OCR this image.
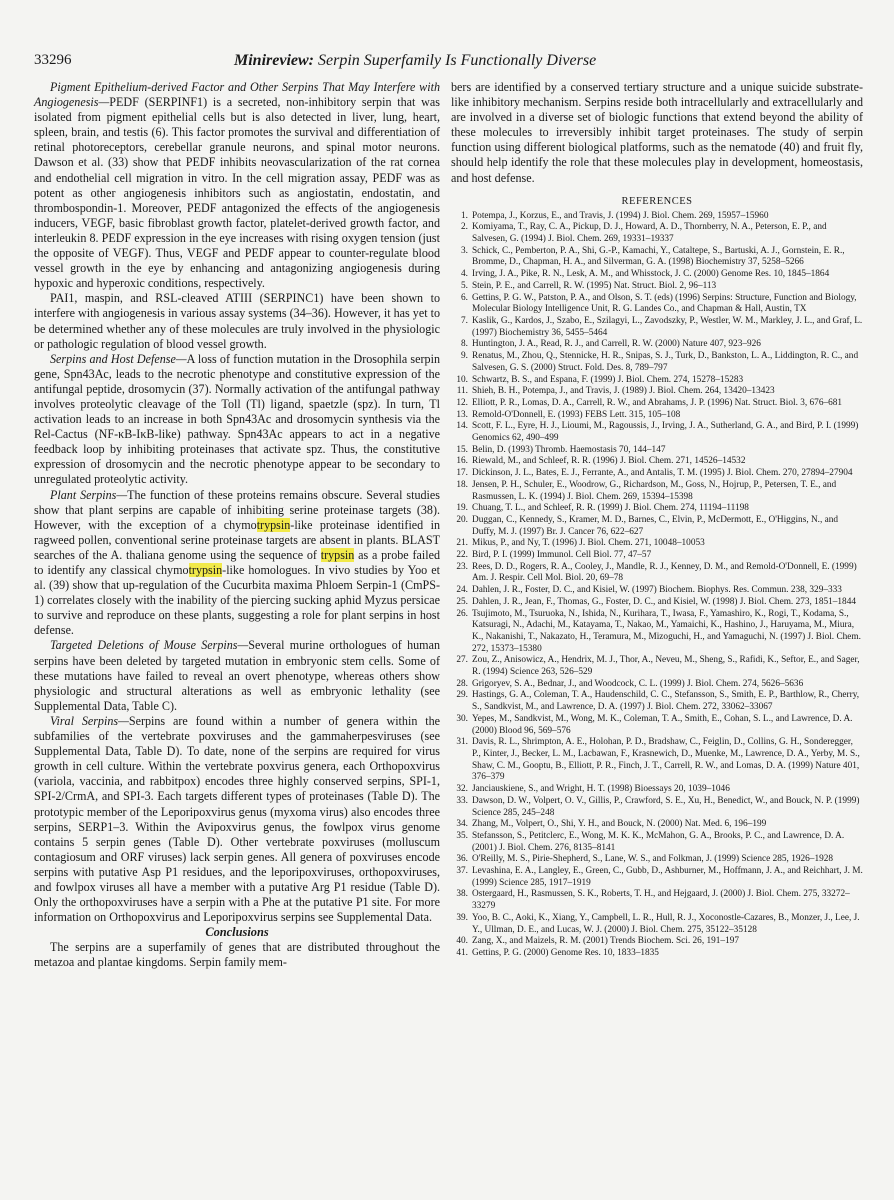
33296	Minireview: Serpin Superfamily Is Functionally Diverse

Pigment Epithelium-derived Factor and Other Serpins That May Interfere with Angiogenesis—PEDF (SERPINF1) is a secreted, non-inhibitory serpin that was isolated from pigment epithelial cells but is also detected in liver, lung, heart, spleen, brain, and testis (6). This factor promotes the survival and differentiation of retinal photoreceptors, cerebellar granule neurons, and spinal motor neurons. Dawson et al. (33) show that PEDF inhibits neovascularization of the rat cornea and endothelial cell migration in vitro. In the cell migration assay, PEDF was as potent as other angiogenesis inhibitors such as angiostatin, endostatin, and thrombospondin-1. Moreover, PEDF antagonized the effects of the angiogenesis inducers, VEGF, basic fibroblast growth factor, platelet-derived growth factor, and interleukin 8. PEDF expression in the eye increases with rising oxygen tension (just the opposite of VEGF). Thus, VEGF and PEDF appear to counter-regulate blood vessel growth in the eye by enhancing and antagonizing angiogenesis during hypoxic and hyperoxic conditions, respectively.

PAI1, maspin, and RSL-cleaved ATIII (SERPINC1) have been shown to interfere with angiogenesis in various assay systems (34–36). However, it has yet to be determined whether any of these molecules are truly involved in the physiologic or pathologic regulation of blood vessel growth.

Serpins and Host Defense—A loss of function mutation in the Drosophila serpin gene, Spn43Ac, leads to the necrotic phenotype and constitutive expression of the antifungal peptide, drosomycin (37). Normally activation of the antifungal pathway involves proteolytic cleavage of the Toll (Tl) ligand, spaetzle (spz). In turn, Tl activation leads to an increase in both Spn43Ac and drosomycin synthesis via the Rel-Cactus (NF-κB-IκB-like) pathway. Spn43Ac appears to act in a negative feedback loop by inhibiting proteinases that activate spz. Thus, the constitutive expression of drosomycin and the necrotic phenotype appear to be secondary to unregulated proteolytic activity.

Plant Serpins—The function of these proteins remains obscure. Several studies show that plant serpins are capable of inhibiting serine proteinase targets (38). However, with the exception of a chymotrypsin-like proteinase identified in ragweed pollen, conventional serine proteinase targets are absent in plants. BLAST searches of the A. thaliana genome using the sequence of trypsin as a probe failed to identify any classical chymotrypsin-like homologues. In vivo studies by Yoo et al. (39) show that up-regulation of the Cucurbita maxima Phloem Serpin-1 (CmPS-1) correlates closely with the inability of the piercing sucking aphid Myzus persicae to survive and reproduce on these plants, suggesting a role for plant serpins in host defense.

Targeted Deletions of Mouse Serpins—Several murine orthologues of human serpins have been deleted by targeted mutation in embryonic stem cells. Some of these mutations have failed to reveal an overt phenotype, whereas others show physiologic and structural alterations as well as embryonic lethality (see Supplemental Data, Table C).

Viral Serpins—Serpins are found within a number of genera within the subfamilies of the vertebrate poxviruses and the gammaherpesviruses (see Supplemental Data, Table D). To date, none of the serpins are required for virus growth in cell culture. Within the vertebrate poxvirus genera, each Orthopoxvirus (variola, vaccinia, and rabbitpox) encodes three highly conserved serpins, SPI-1, SPI-2/CrmA, and SPI-3. Each targets different types of proteinases (Table D). The prototypic member of the Leporipoxvirus genus (myxoma virus) also encodes three serpins, SERP1–3. Within the Avipoxvirus genus, the fowlpox virus genome contains 5 serpin genes (Table D). Other vertebrate poxviruses (molluscum contagiosum and ORF viruses) lack serpin genes. All genera of poxviruses encode serpins with putative Asp P1 residues, and the leporipoxviruses, orthopoxviruses, and fowlpox viruses all have a member with a putative Arg P1 residue (Table D). Only the orthopoxviruses have a serpin with a Phe at the putative P1 site. For more information on Orthopoxvirus and Leporipoxvirus serpins see Supplemental Data.

Conclusions

The serpins are a superfamily of genes that are distributed throughout the metazoa and plantae kingdoms. Serpin family mem-

bers are identified by a conserved tertiary structure and a unique suicide substrate-like inhibitory mechanism. Serpins reside both intracellularly and extracellularly and are involved in a diverse set of biologic functions that extend beyond the ability of these molecules to irreversibly inhibit target proteinases. The study of serpin function using different biological platforms, such as the nematode (40) and fruit fly, should help identify the role that these molecules play in development, homeostasis, and host defense.

REFERENCES
1. Potempa, J., Korzus, E., and Travis, J. (1994) J. Biol. Chem. 269, 15957–15960
2. Komiyama, T., Ray, C. A., Pickup, D. J., Howard, A. D., Thornberry, N. A., Peterson, E. P., and Salvesen, G. (1994) J. Biol. Chem. 269, 19331–19337
3. Schick, C., Pemberton, P. A., Shi, G.-P., Kamachi, Y., Cataltepe, S., Bartuski, A. J., Gornstein, E. R., Bromme, D., Chapman, H. A., and Silverman, G. A. (1998) Biochemistry 37, 5258–5266
4. Irving, J. A., Pike, R. N., Lesk, A. M., and Whisstock, J. C. (2000) Genome Res. 10, 1845–1864
5. Stein, P. E., and Carrell, R. W. (1995) Nat. Struct. Biol. 2, 96–113
6. Gettins, P. G. W., Patston, P. A., and Olson, S. T. (eds) (1996) Serpins: Structure, Function and Biology, Molecular Biology Intelligence Unit, R. G. Landes Co., and Chapman & Hall, Austin, TX
7. Kaslik, G., Kardos, J., Szabo, E., Szilagyi, L., Zavodszky, P., Westler, W. M., Markley, J. L., and Graf, L. (1997) Biochemistry 36, 5455–5464
8. Huntington, J. A., Read, R. J., and Carrell, R. W. (2000) Nature 407, 923–926
9. Renatus, M., Zhou, Q., Stennicke, H. R., Snipas, S. J., Turk, D., Bankston, L. A., Liddington, R. C., and Salvesen, G. S. (2000) Struct. Fold. Des. 8, 789–797
10. Schwartz, B. S., and Espana, F. (1999) J. Biol. Chem. 274, 15278–15283
11. Shieh, B. H., Potempa, J., and Travis, J. (1989) J. Biol. Chem. 264, 13420–13423
12. Elliott, P. R., Lomas, D. A., Carrell, R. W., and Abrahams, J. P. (1996) Nat. Struct. Biol. 3, 676–681
13. Remold-O'Donnell, E. (1993) FEBS Lett. 315, 105–108
14. Scott, F. L., Eyre, H. J., Lioumi, M., Ragoussis, J., Irving, J. A., Sutherland, G. A., and Bird, P. I. (1999) Genomics 62, 490–499
15. Belin, D. (1993) Thromb. Haemostasis 70, 144–147
16. Riewald, M., and Schleef, R. R. (1996) J. Biol. Chem. 271, 14526–14532
17. Dickinson, J. L., Bates, E. J., Ferrante, A., and Antalis, T. M. (1995) J. Biol. Chem. 270, 27894–27904
18. Jensen, P. H., Schuler, E., Woodrow, G., Richardson, M., Goss, N., Hojrup, P., Petersen, T. E., and Rasmussen, L. K. (1994) J. Biol. Chem. 269, 15394–15398
19. Chuang, T. L., and Schleef, R. R. (1999) J. Biol. Chem. 274, 11194–11198
20. Duggan, C., Kennedy, S., Kramer, M. D., Barnes, C., Elvin, P., McDermott, E., O'Higgins, N., and Duffy, M. J. (1997) Br. J. Cancer 76, 622–627
21. Mikus, P., and Ny, T. (1996) J. Biol. Chem. 271, 10048–10053
22. Bird, P. I. (1999) Immunol. Cell Biol. 77, 47–57
23. Rees, D. D., Rogers, R. A., Cooley, J., Mandle, R. J., Kenney, D. M., and Remold-O'Donnell, E. (1999) Am. J. Respir. Cell Mol. Biol. 20, 69–78
24. Dahlen, J. R., Foster, D. C., and Kisiel, W. (1997) Biochem. Biophys. Res. Commun. 238, 329–333
25. Dahlen, J. R., Jean, F., Thomas, G., Foster, D. C., and Kisiel, W. (1998) J. Biol. Chem. 273, 1851–1844
26. Tsujimoto, M., Tsuruoka, N., Ishida, N., Kurihara, T., Iwasa, F., Yamashiro, K., Rogi, T., Kodama, S., Katsuragi, N., Adachi, M., Katayama, T., Nakao, M., Yamaichi, K., Hashino, J., Haruyama, M., Miura, K., Nakanishi, T., Nakazato, H., Teramura, M., Mizoguchi, H., and Yamaguchi, N. (1997) J. Biol. Chem. 272, 15373–15380
27. Zou, Z., Anisowicz, A., Hendrix, M. J., Thor, A., Neveu, M., Sheng, S., Rafidi, K., Seftor, E., and Sager, R. (1994) Science 263, 526–529
28. Grigoryev, S. A., Bednar, J., and Woodcock, C. L. (1999) J. Biol. Chem. 274, 5626–5636
29. Hastings, G. A., Coleman, T. A., Haudenschild, C. C., Stefansson, S., Smith, E. P., Barthlow, R., Cherry, S., Sandkvist, M., and Lawrence, D. A. (1997) J. Biol. Chem. 272, 33062–33067
30. Yepes, M., Sandkvist, M., Wong, M. K., Coleman, T. A., Smith, E., Cohan, S. L., and Lawrence, D. A. (2000) Blood 96, 569–576
31. Davis, R. L., Shrimpton, A. E., Holohan, P. D., Bradshaw, C., Feiglin, D., Collins, G. H., Sonderegger, P., Kinter, J., Becker, L. M., Lacbawan, F., Krasnewich, D., Muenke, M., Lawrence, D. A., Yerby, M. S., Shaw, C. M., Gooptu, B., Elliott, P. R., Finch, J. T., Carrell, R. W., and Lomas, D. A. (1999) Nature 401, 376–379
32. Janciauskiene, S., and Wright, H. T. (1998) Bioessays 20, 1039–1046
33. Dawson, D. W., Volpert, O. V., Gillis, P., Crawford, S. E., Xu, H., Benedict, W., and Bouck, N. P. (1999) Science 285, 245–248
34. Zhang, M., Volpert, O., Shi, Y. H., and Bouck, N. (2000) Nat. Med. 6, 196–199
35. Stefansson, S., Petitclerc, E., Wong, M. K. K., McMahon, G. A., Brooks, P. C., and Lawrence, D. A. (2001) J. Biol. Chem. 276, 8135–8141
36. O'Reilly, M. S., Pirie-Shepherd, S., Lane, W. S., and Folkman, J. (1999) Science 285, 1926–1928
37. Levashina, E. A., Langley, E., Green, C., Gubb, D., Ashburner, M., Hoffmann, J. A., and Reichhart, J. M. (1999) Science 285, 1917–1919
38. Ostergaard, H., Rasmussen, S. K., Roberts, T. H., and Hejgaard, J. (2000) J. Biol. Chem. 275, 33272–33279
39. Yoo, B. C., Aoki, K., Xiang, Y., Campbell, L. R., Hull, R. J., Xoconostle-Cazares, B., Monzer, J., Lee, J. Y., Ullman, D. E., and Lucas, W. J. (2000) J. Biol. Chem. 275, 35122–35128
40. Zang, X., and Maizels, R. M. (2001) Trends Biochem. Sci. 26, 191–197
41. Gettins, P. G. (2000) Genome Res. 10, 1833–1835
